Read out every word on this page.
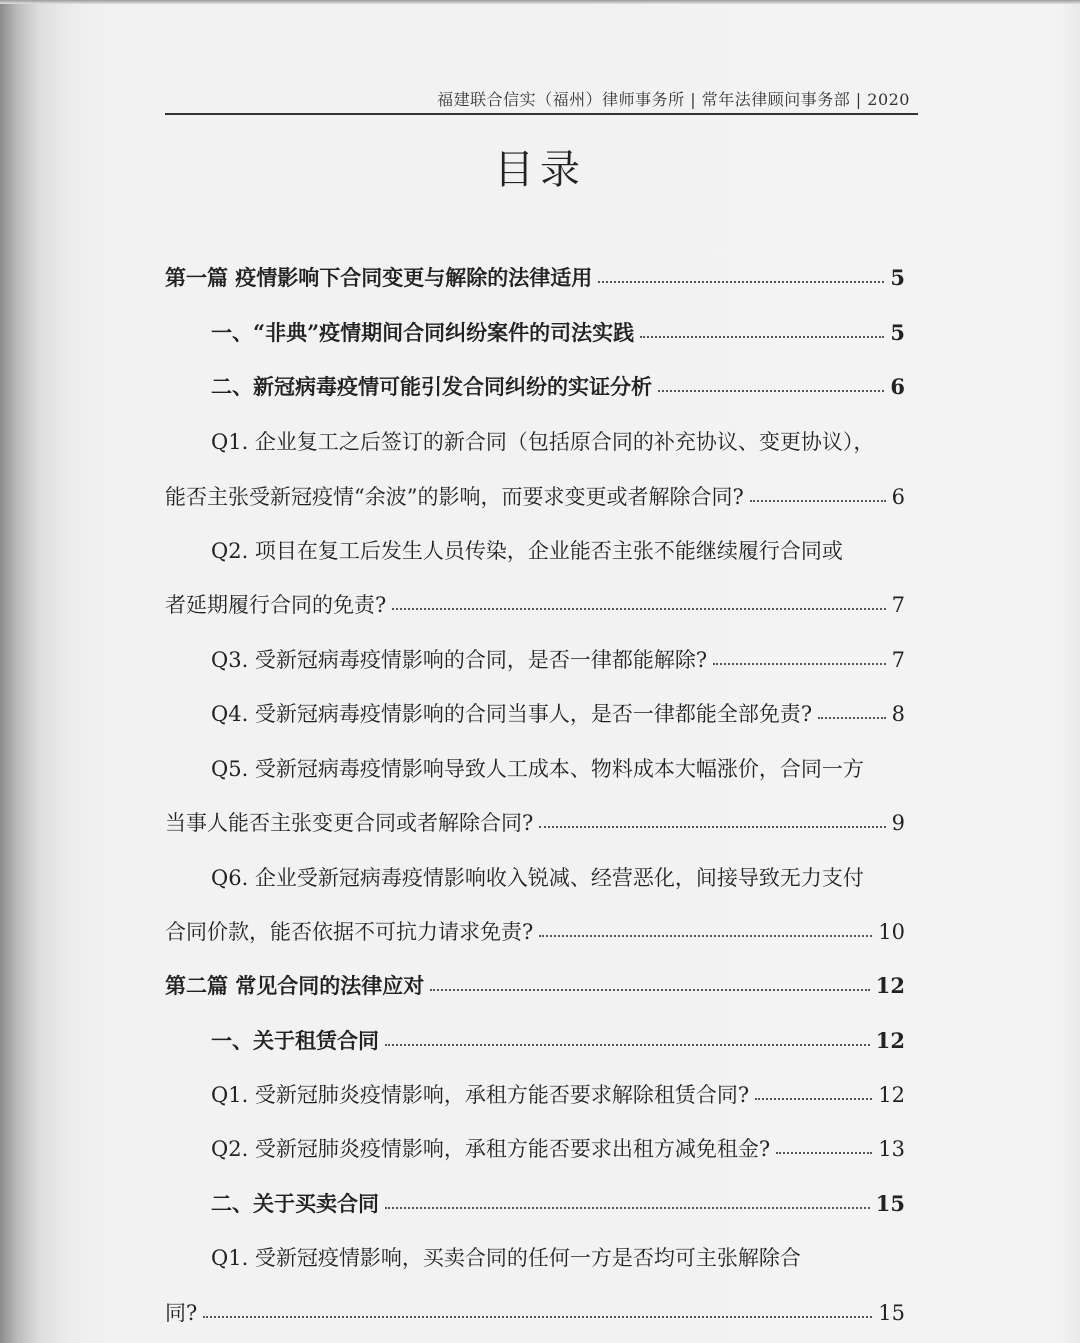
福建联合信实（福州）律师事务所 | 常年法律顾问事务部 | 2020
目录
第一篇 疫情影响下合同变更与解除的法律适用	5
一、“非典”疫情期间合同纠纷案件的司法实践	5
二、新冠病毒疫情可能引发合同纠纷的实证分析	6
Q1. 企业复工之后签订的新合同（包括原合同的补充协议、变更协议），
能否主张受新冠疫情“余波”的影响，而要求变更或者解除合同?	6
Q2. 项目在复工后发生人员传染，企业能否主张不能继续履行合同或
者延期履行合同的免责?	7
Q3. 受新冠病毒疫情影响的合同，是否一律都能解除?	7
Q4. 受新冠病毒疫情影响的合同当事人，是否一律都能全部免责?	8
Q5. 受新冠病毒疫情影响导致人工成本、物料成本大幅涨价，合同一方
当事人能否主张变更合同或者解除合同?	9
Q6. 企业受新冠病毒疫情影响收入锐减、经营恶化，间接导致无力支付
合同价款，能否依据不可抗力请求免责?	10
第二篇 常见合同的法律应对	12
一、关于租赁合同	12
Q1. 受新冠肺炎疫情影响，承租方能否要求解除租赁合同?	12
Q2. 受新冠肺炎疫情影响，承租方能否要求出租方减免租金?	13
二、关于买卖合同	15
Q1. 受新冠疫情影响，买卖合同的任何一方是否均可主张解除合
同?	15
